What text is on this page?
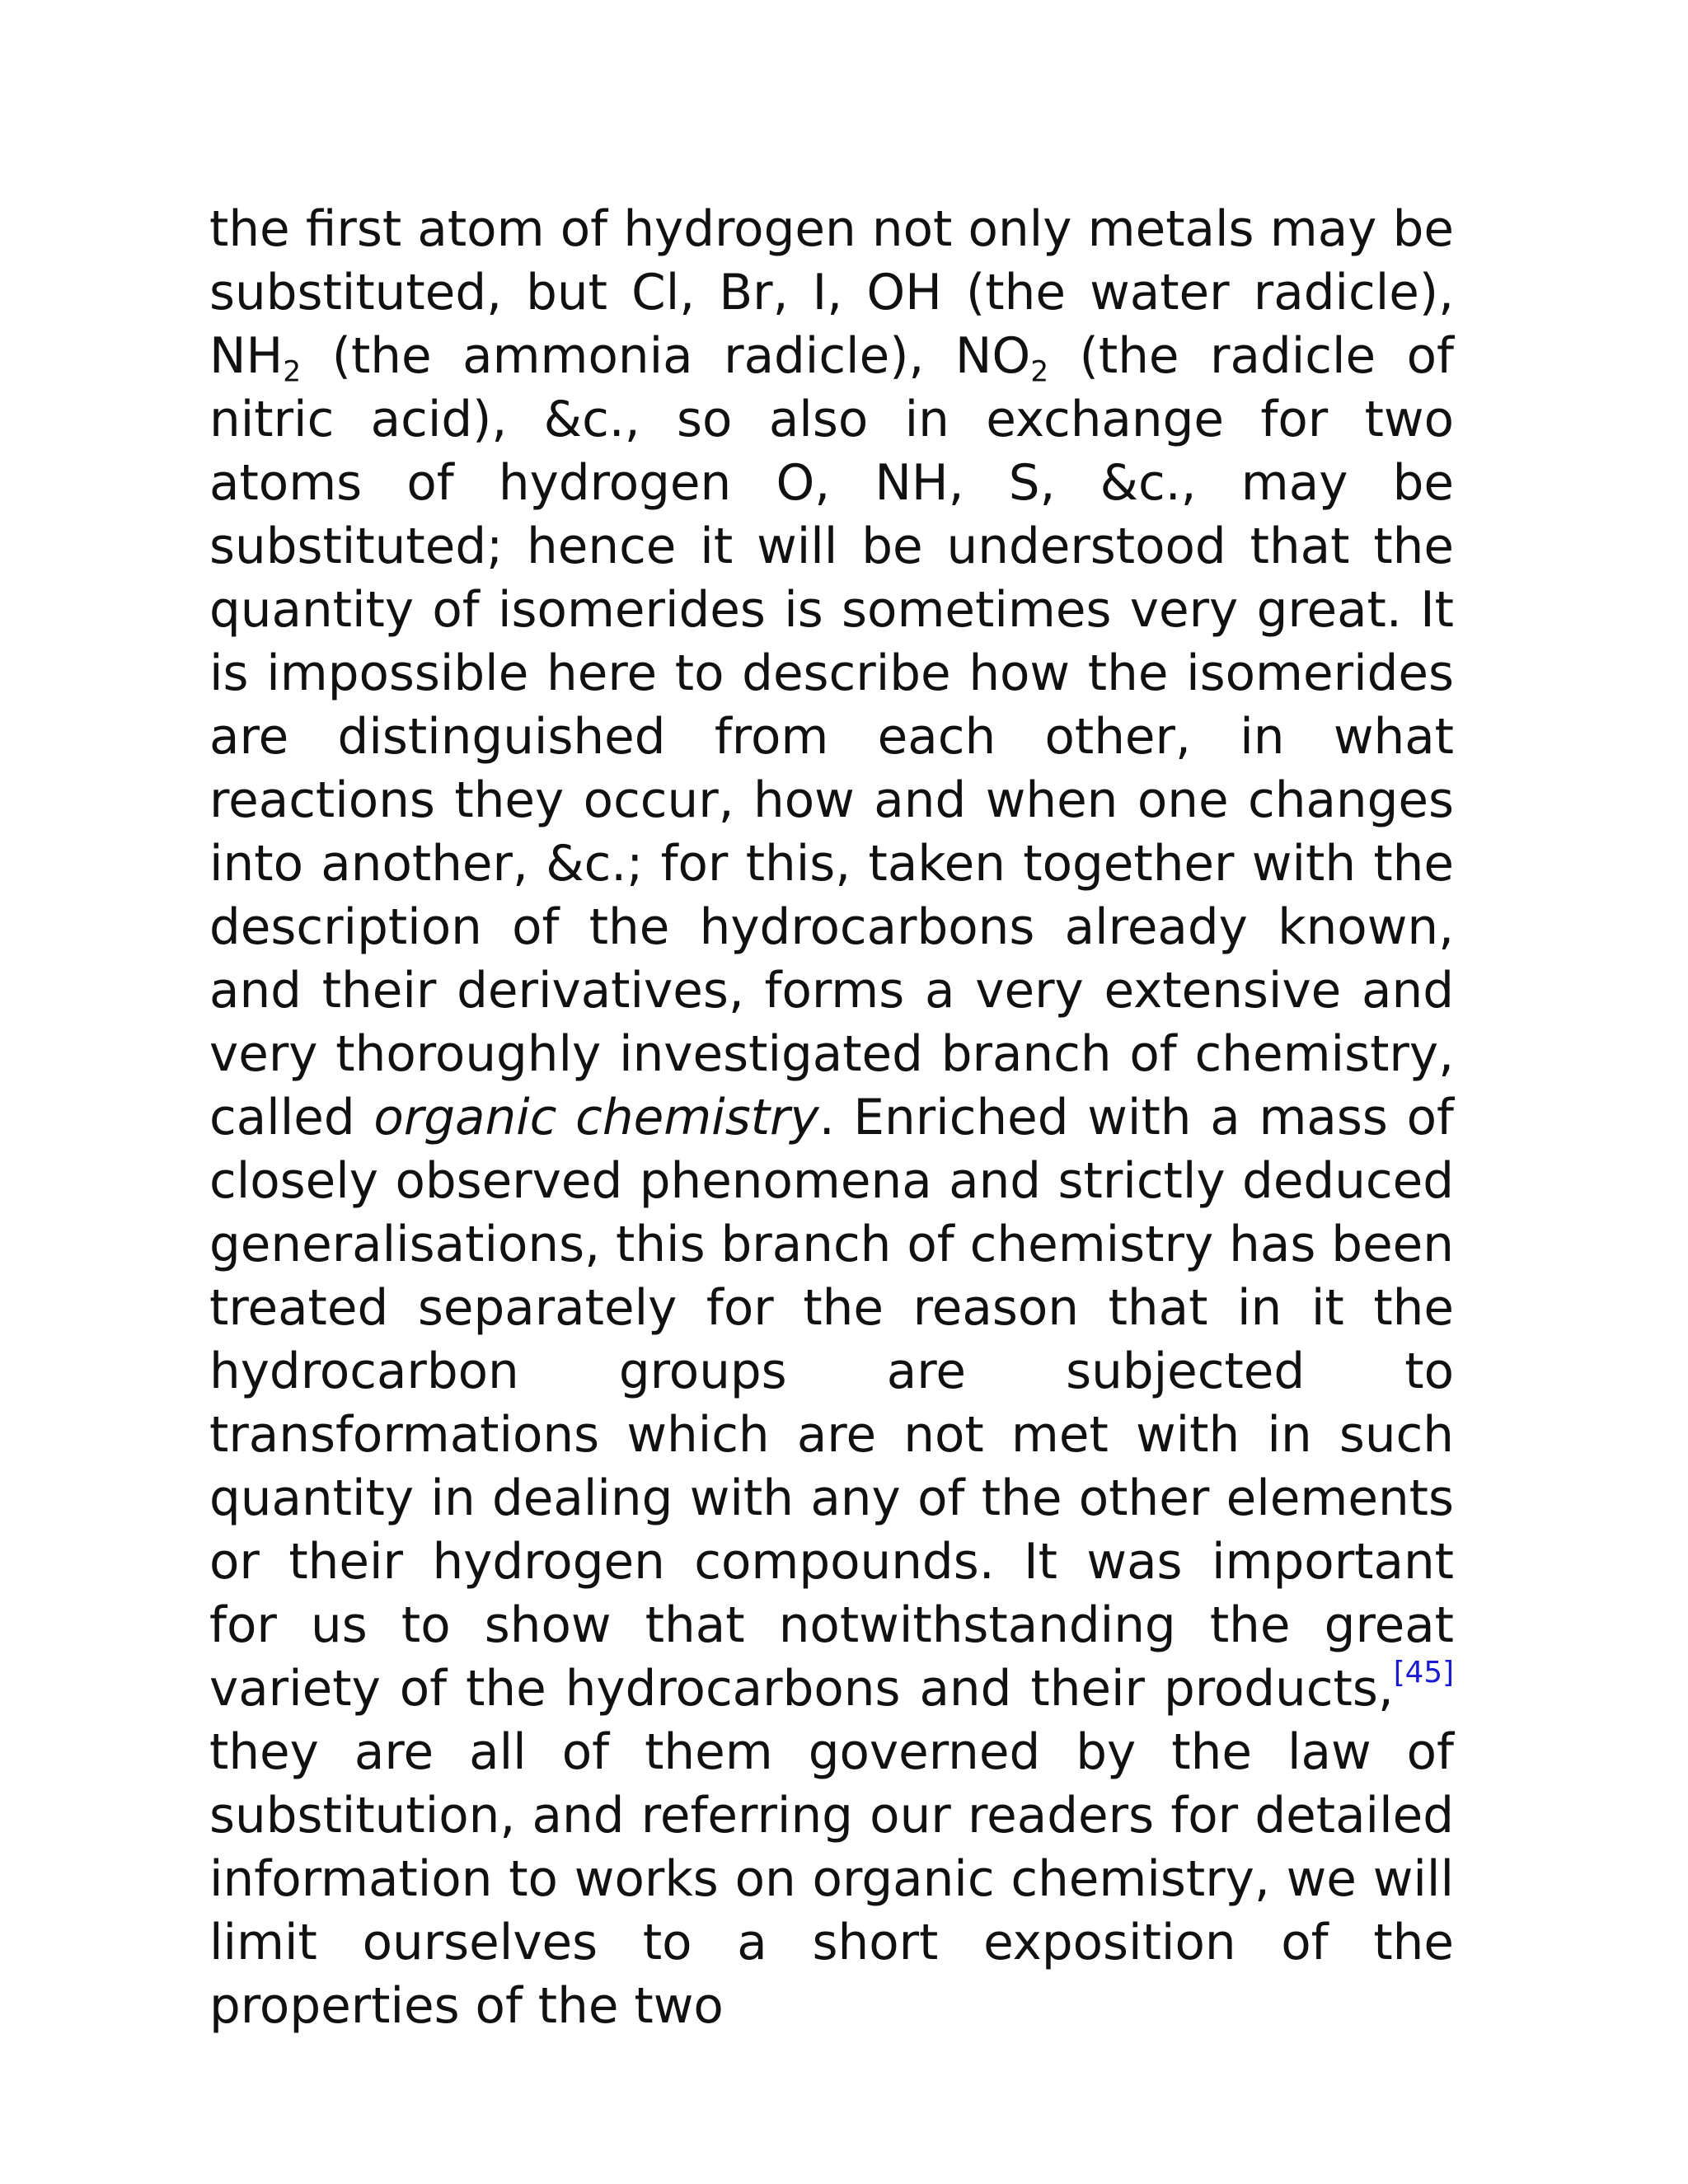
the first atom of hydrogen not only metals may be substituted, but Cl, Br, I, OH (the water radicle), $NH_2$ (the ammonia radicle), $NO_2$ (the radicle of nitric acid), &c., so also in exchange for two atoms of hydrogen O, NH, S, &c., may be substituted; hence it will be understood that the quantity of isomerides is sometimes very great. It is impossible here to describe how the isomerides are distinguished from each other, in what reactions they occur, how and when one changes into another, &c.; for this, taken together with the description of the hydrocarbons already known, and their derivatives, forms a very extensive and very thoroughly investigated branch of chemistry, called organic chemistry. Enriched with a mass of closely observed phenomena and strictly deduced generalisations, this branch of chemistry has been treated separately for the reason that in it the hydrocarbon groups are subjected to transformations which are not met with in such quantity in dealing with any of the other elements or their hydrogen compounds. It was important for us to show that notwithstanding the great variety of the hydrocarbons and their products,[45] they are all of them governed by the law of substitution, and referring our readers for detailed information to works on organic chemistry, we will limit ourselves to a short exposition of the properties of the two
